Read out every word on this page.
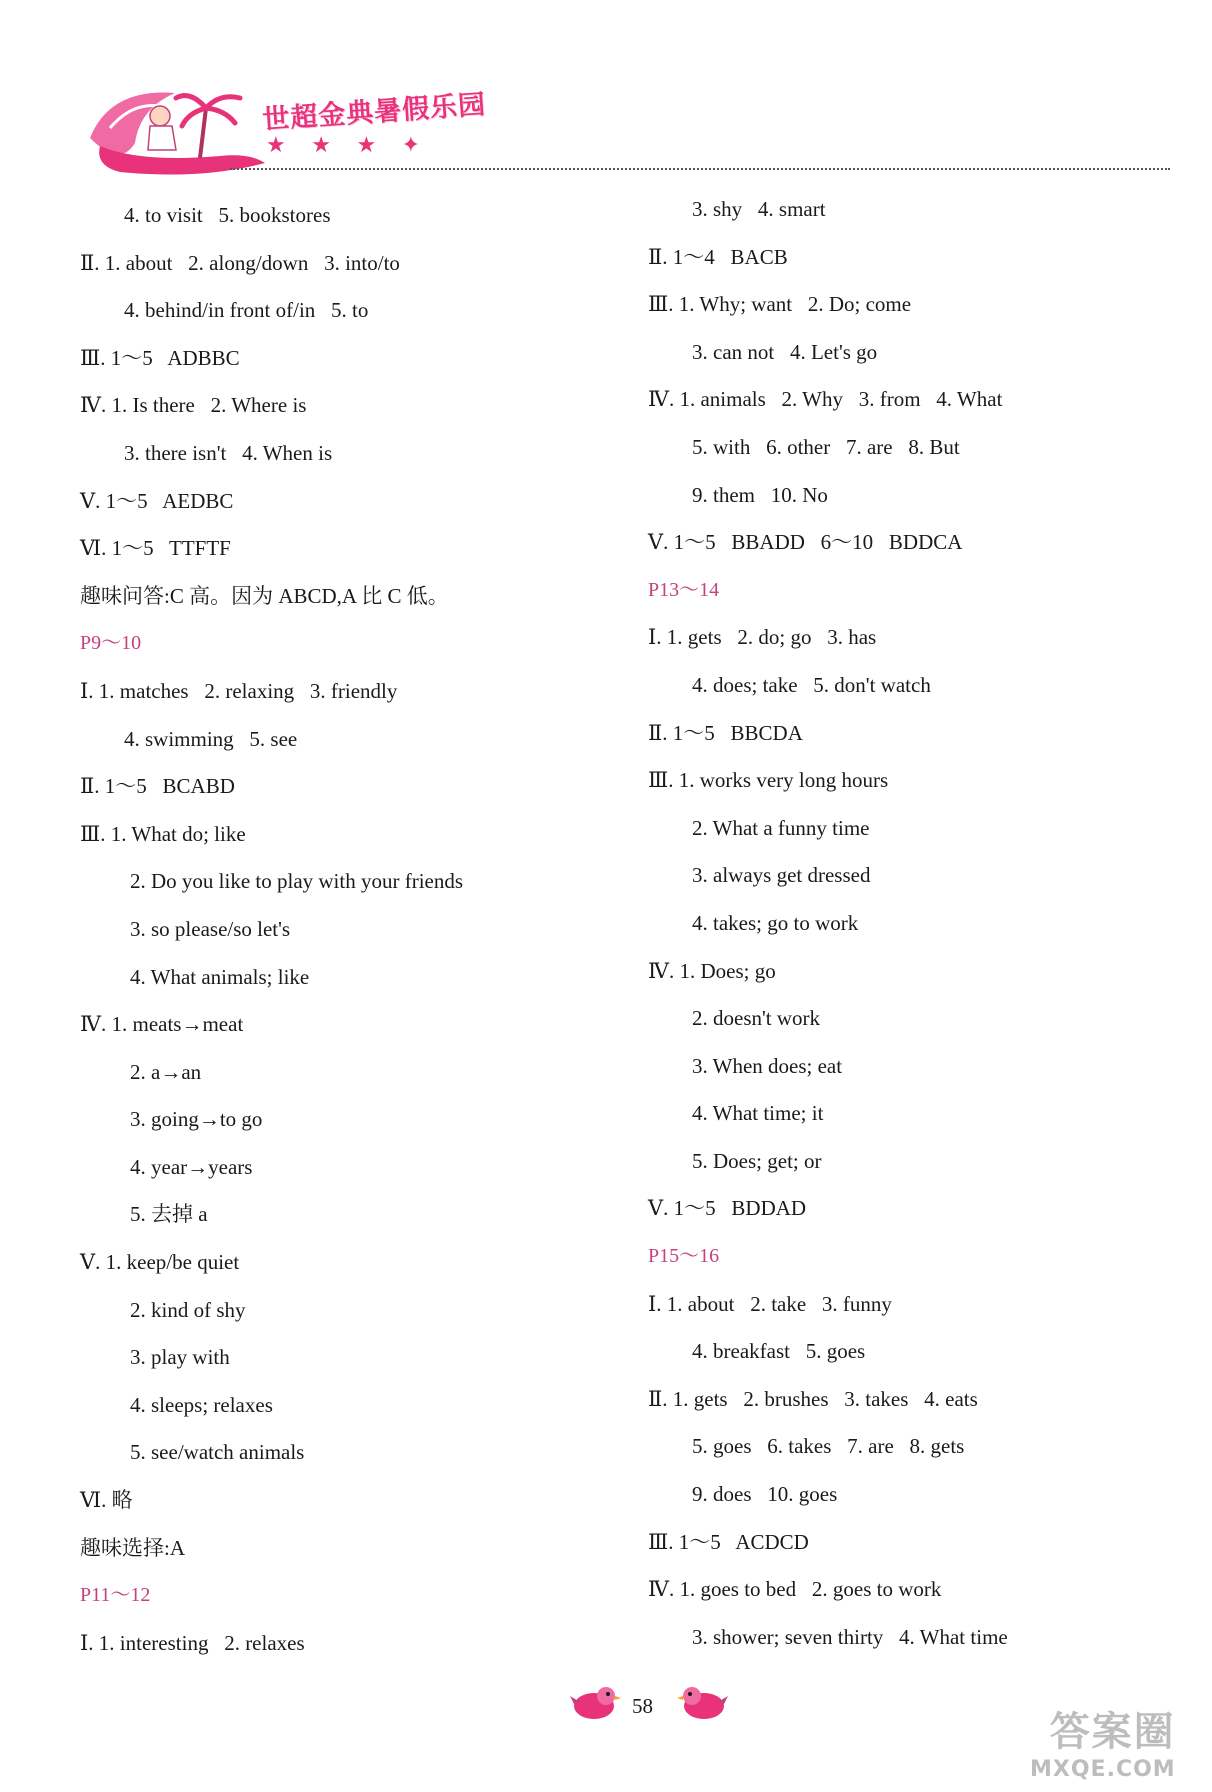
世超金典暑假乐园
★ ★ ★ ✦
4. to visit   5. bookstores
Ⅱ. 1. about   2. along/down   3. into/to
4. behind/in front of/in   5. to
Ⅲ. 1～5   ADBBC
Ⅳ. 1. Is there   2. Where is
3. there isn't   4. When is
Ⅴ. 1～5   AEDBC
Ⅵ. 1～5   TTFTF
趣味问答:C 高。因为 ABCD,A 比 C 低。
P9～10
Ⅰ. 1. matches   2. relaxing   3. friendly
4. swimming   5. see
Ⅱ. 1～5   BCABD
Ⅲ. 1. What do; like
2. Do you like to play with your friends
3. so please/so let's
4. What animals; like
Ⅳ. 1. meats→meat
2. a→an
3. going→to go
4. year→years
5. 去掉 a
Ⅴ. 1. keep/be quiet
2. kind of shy
3. play with
4. sleeps; relaxes
5. see/watch animals
Ⅵ. 略
趣味选择:A
P11～12
Ⅰ. 1. interesting   2. relaxes
3. shy   4. smart
Ⅱ. 1～4   BACB
Ⅲ. 1. Why; want   2. Do; come
3. can not   4. Let's go
Ⅳ. 1. animals   2. Why   3. from   4. What
5. with   6. other   7. are   8. But
9. them   10. No
Ⅴ. 1～5   BBADD   6～10   BDDCA
P13～14
Ⅰ. 1. gets   2. do; go   3. has
4. does; take   5. don't watch
Ⅱ. 1～5   BBCDA
Ⅲ. 1. works very long hours
2. What a funny time
3. always get dressed
4. takes; go to work
Ⅳ. 1. Does; go
2. doesn't work
3. When does; eat
4. What time; it
5. Does; get; or
Ⅴ. 1～5   BDDAD
P15～16
Ⅰ. 1. about   2. take   3. funny
4. breakfast   5. goes
Ⅱ. 1. gets   2. brushes   3. takes   4. eats
5. goes   6. takes   7. are   8. gets
9. does   10. goes
Ⅲ. 1～5   ACDCD
Ⅳ. 1. goes to bed   2. goes to work
3. shower; seven thirty   4. What time
58
答案圈
MXQE.COM
